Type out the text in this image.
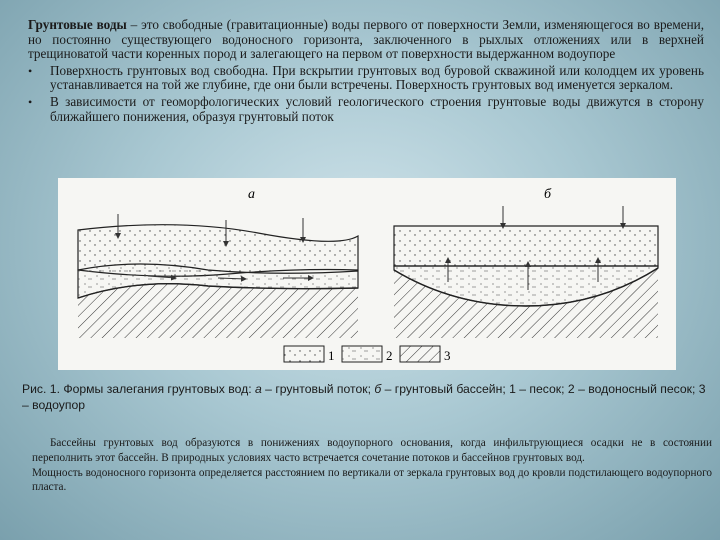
Грунтовые воды – это свободные (гравитационные) воды первого от поверхности Земли, изменяющегося во времени, но постоянно существующего водоносного горизонта, заключенного в рыхлых отложениях или в верхней трещиноватой части коренных пород и залегающего на первом от поверхности выдержанном водоупоре

• Поверхность грунтовых вод свободна. При вскрытии грунтовых вод буровой скважиной или колодцем их уровень устанавливается на той же глубине, где они были встречены. Поверхность грунтовых вод именуется зеркалом.
• В зависимости от геоморфологических условий геологического строения грунтовые воды движутся в сторону ближайшего понижения, образуя грунтовый поток
а	б
1	2	3
Рис. 1. Формы залегания грунтовых вод: а – грунтовый поток; б – грунтовый бассейн; 1 – песок; 2 – водоносный песок; 3 – водоупор

Бассейны грунтовых вод образуются в понижениях водоупорного основания, когда инфильтрующиеся осадки не в состоянии переполнить этот бассейн. В природных условиях часто встречается сочетание потоков и бассейнов грунтовых вод.

Мощность водоносного горизонта определяется расстоянием по вертикали от зеркала грунтовых вод до кровли подстилающего водоупорного пласта.
